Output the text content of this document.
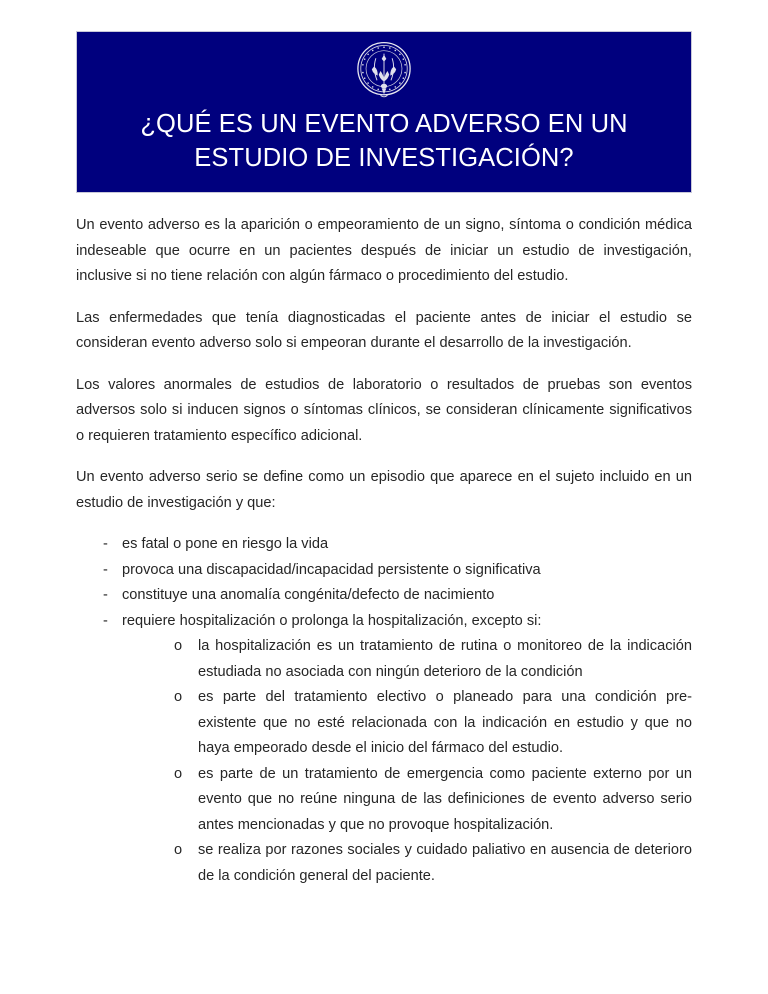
¿QUÉ ES UN EVENTO ADVERSO EN UN ESTUDIO DE INVESTIGACIÓN?

Un evento adverso es la aparición o empeoramiento de un signo, síntoma o condición médica indeseable que ocurre en un pacientes después de iniciar un estudio de investigación, inclusive si no tiene relación con algún fármaco o procedimiento del estudio.

Las enfermedades que tenía diagnosticadas el paciente antes de iniciar el estudio se consideran evento adverso solo si empeoran durante el desarrollo de la investigación.

Los valores anormales de estudios de laboratorio o resultados de pruebas son eventos adversos solo si inducen signos o síntomas clínicos, se consideran clínicamente significativos o requieren tratamiento específico adicional.

Un evento adverso serio se define como un episodio que aparece en el sujeto incluido en un estudio de investigación y que:

- es fatal o pone en riesgo la vida
- provoca una discapacidad/incapacidad persistente o significativa
- constituye una anomalía congénita/defecto de nacimiento
- requiere hospitalización o prolonga la hospitalización, excepto si:
o	la hospitalización es un tratamiento de rutina o monitoreo de la indicación estudiada no asociada con ningún deterioro de la condición
o	es parte del tratamiento electivo o planeado para una condición pre-existente que no esté relacionada con la indicación en estudio y que no haya empeorado desde el inicio del fármaco del estudio.
o	es parte de un tratamiento de emergencia como paciente externo por un evento que no reúne ninguna de las definiciones de evento adverso serio antes mencionadas y que no provoque hospitalización.
o	se realiza por razones sociales y cuidado paliativo en ausencia de deterioro de la condición general del paciente.
